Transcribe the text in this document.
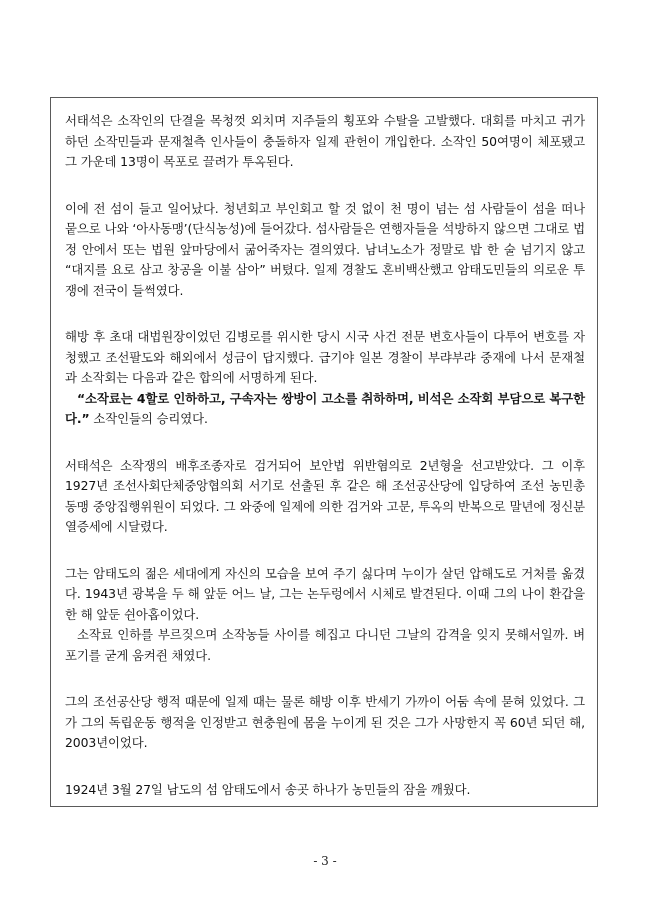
서태석은 소작인의 단결을 목청껏 외치며 지주들의 횡포와 수탈을 고발했다. 대회를 마치고 귀가하던 소작민들과 문재철측 인사들이 충돌하자 일제 관헌이 개입한다. 소작인 50여명이 체포됐고 그 가운데 13명이 목포로 끌려가 투옥된다.

이에 전 섬이 들고 일어났다. 청년회고 부인회고 할 것 없이 천 명이 넘는 섬 사람들이 섬을 떠나 뭍으로 나와 ‘아사동맹’(단식농성)에 들어갔다. 섬사람들은 연행자들을 석방하지 않으면 그대로 법정 안에서 또는 법원 앞마당에서 굶어죽자는 결의였다. 남녀노소가 정말로 밥 한 술 넘기지 않고 “대지를 요로 삼고 창공을 이불 삼아” 버텼다. 일제 경찰도 혼비백산했고 암태도민들의 의로운 투쟁에 전국이 들썩였다.

해방 후 초대 대법원장이었던 김병로를 위시한 당시 시국 사건 전문 변호사들이 다투어 변호를 자청했고 조선팔도와 해외에서 성금이 답지했다. 급기야 일본 경찰이 부랴부랴 중재에 나서 문재철과 소작회는 다음과 같은 합의에 서명하게 된다.

“소작료는 4할로 인하하고, 구속자는 쌍방이 고소를 취하하며, 비석은 소작회 부담으로 복구한다.” 소작인들의 승리였다.

서태석은 소작쟁의 배후조종자로 검거되어 보안법 위반혐의로 2년형을 선고받았다. 그 이후 1927년 조선사회단체중앙협의회 서기로 선출된 후 같은 해 조선공산당에 입당하여 조선 농민총동맹 중앙집행위원이 되었다. 그 와중에 일제에 의한 검거와 고문, 투옥의 반복으로 말년에 정신분열증세에 시달렸다.

그는 암태도의 젊은 세대에게 자신의 모습을 보여 주기 싫다며 누이가 살던 압해도로 거처를 옮겼다. 1943년 광복을 두 해 앞둔 어느 날, 그는 논두렁에서 시체로 발견된다. 이때 그의 나이 환갑을 한 해 앞둔 쉰아홉이었다.

소작료 인하를 부르짖으며 소작농들 사이를 헤집고 다니던 그날의 감격을 잊지 못해서일까. 벼 포기를 굳게 움켜쥔 채였다.

그의 조선공산당 행적 때문에 일제 때는 물론 해방 이후 반세기 가까이 어둠 속에 묻혀 있었다. 그가 그의 독립운동 행적을 인정받고 현충원에 몸을 누이게 된 것은 그가 사망한지 꼭 60년 되던 해, 2003년이었다.

1924년 3월 27일 남도의 섬 암태도에서 송곳 하나가 농민들의 잠을 깨웠다.

- 3 -
